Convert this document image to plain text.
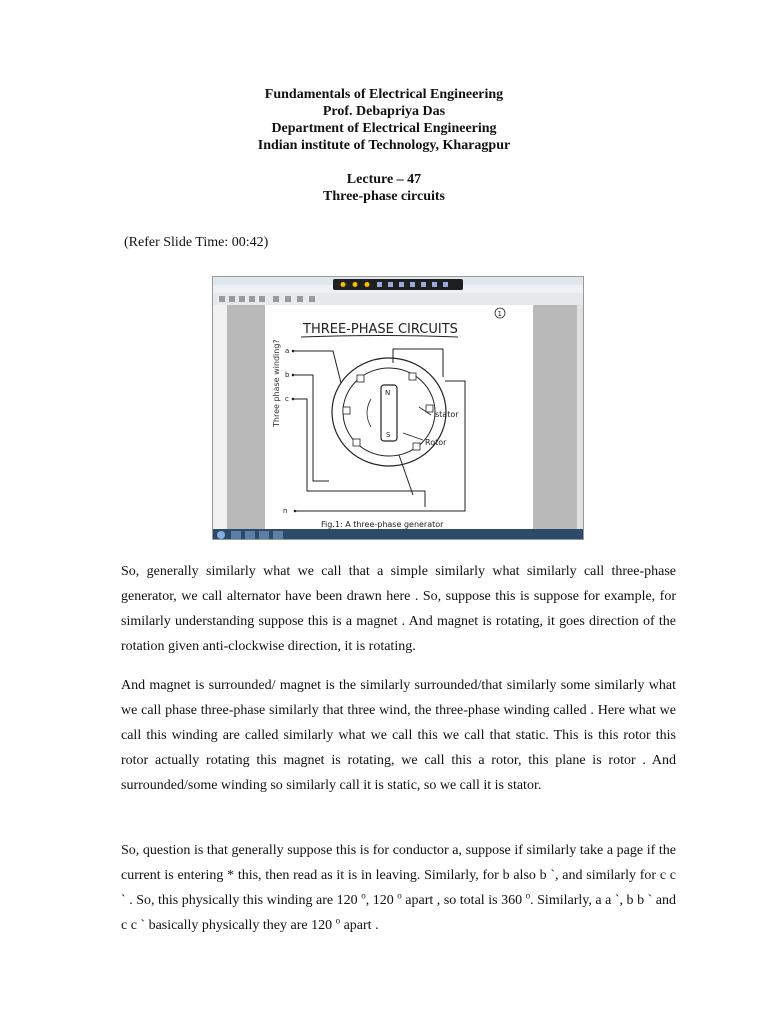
Fundamentals of Electrical Engineering
Prof. Debapriya Das
Department of Electrical Engineering
Indian institute of Technology, Kharagpur
Lecture – 47
Three-phase circuits
(Refer Slide Time: 00:42)
THREE-PHASE CIRCUITS
1
Three phase winding? a
b
c
n
N
S
stator
Rotor
Fig.1: A three-phase generator

So, generally similarly what we call that a simple similarly what similarly call three-phase generator, we call alternator have been drawn here . So, suppose this is suppose for example, for similarly understanding suppose this is a magnet . And magnet is rotating, it goes direction of the rotation given anti-clockwise direction, it is rotating.

And magnet is surrounded/ magnet is the similarly surrounded/that similarly some similarly what we call phase three-phase similarly that three wind, the three-phase winding called . Here what we call this winding are called similarly what we call this we call that static. This is this rotor this rotor actually rotating this magnet is rotating, we call this a rotor, this plane is rotor . And surrounded/some winding so similarly call it is static, so we call it is stator.

So, question is that generally suppose this is for conductor a, suppose if similarly take a page if the current is entering * this, then read as it is in leaving. Similarly, for b also b `, and similarly for c c ` . So, this physically this winding are 120 $^o$, 120 $^o$ apart , so total is 360 $^o$. Similarly, a a `, b b ` and c c ` basically physically they are 120 $^o$ apart .
